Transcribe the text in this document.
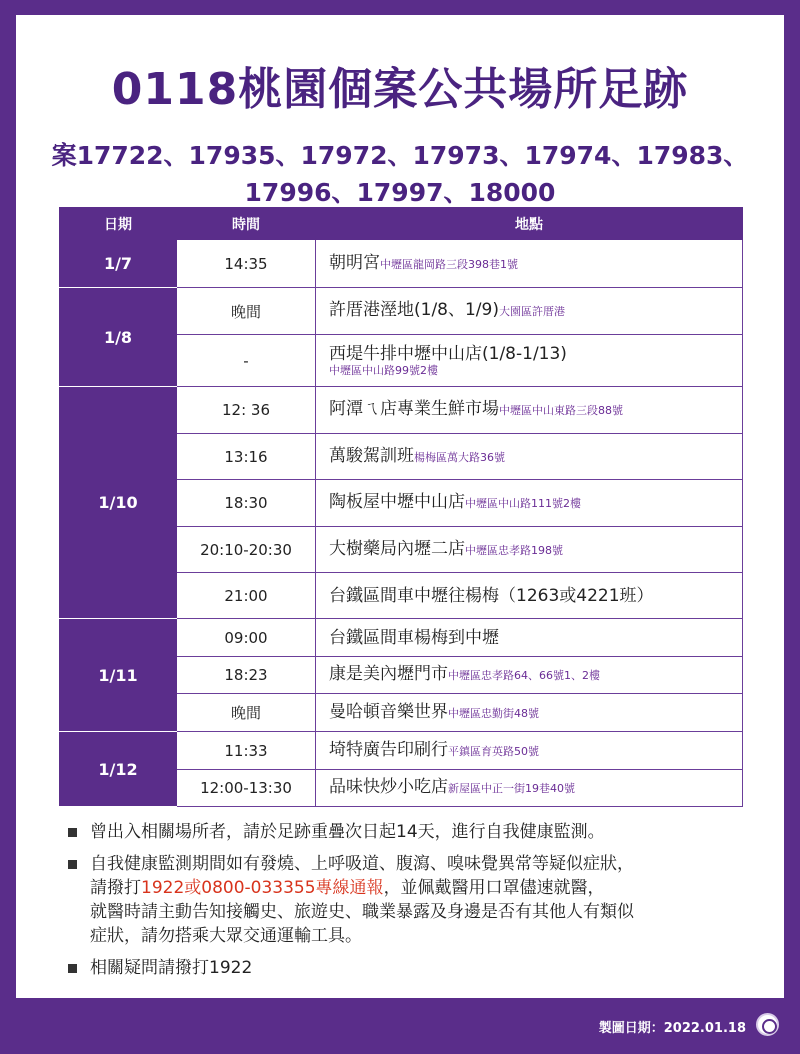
0118桃園個案公共場所足跡
案17722、17935、17972、17973、17974、17983、
17996、17997、18000
日期	時間	地點
1/7	14:35	朝明宮中壢區龍岡路三段398巷1號
1/8	晚間	許厝港溼地(1/8、1/9)大園區許厝港
	-	西堤牛排中壢中山店(1/8-1/13)
中壢區中山路99號2樓

1/10	12: 36	阿潭ㄟ店專業生鮮市場中壢區中山東路三段88號
	13:16	萬駿駕訓班楊梅區萬大路36號
	18:30	陶板屋中壢中山店中壢區中山路111號2樓
	20:10-20:30	大樹藥局內壢二店中壢區忠孝路198號
	21:00	台鐵區間車中壢往楊梅（1263或4221班）
1/11	09:00	台鐵區間車楊梅到中壢
	18:23	康是美內壢門市中壢區忠孝路64、66號1、2樓
	晚間	曼哈頓音樂世界中壢區忠勤街48號
1/12	11:33	埼特廣告印刷行平鎮區育英路50號
	12:00-13:30	品味快炒小吃店新屋區中正一街19巷40號
曾出入相關場所者，請於足跡重疊次日起14天，進行自我健康監測。
自我健康監測期間如有發燒、上呼吸道、腹瀉、嗅味覺異常等疑似症狀，
請撥打1922或0800-033355專線通報，並佩戴醫用口罩儘速就醫，
就醫時請主動告知接觸史、旅遊史、職業暴露及身邊是否有其他人有類似
症狀，請勿搭乘大眾交通運輸工具。
相關疑問請撥打1922
製圖日期：2022.01.18
